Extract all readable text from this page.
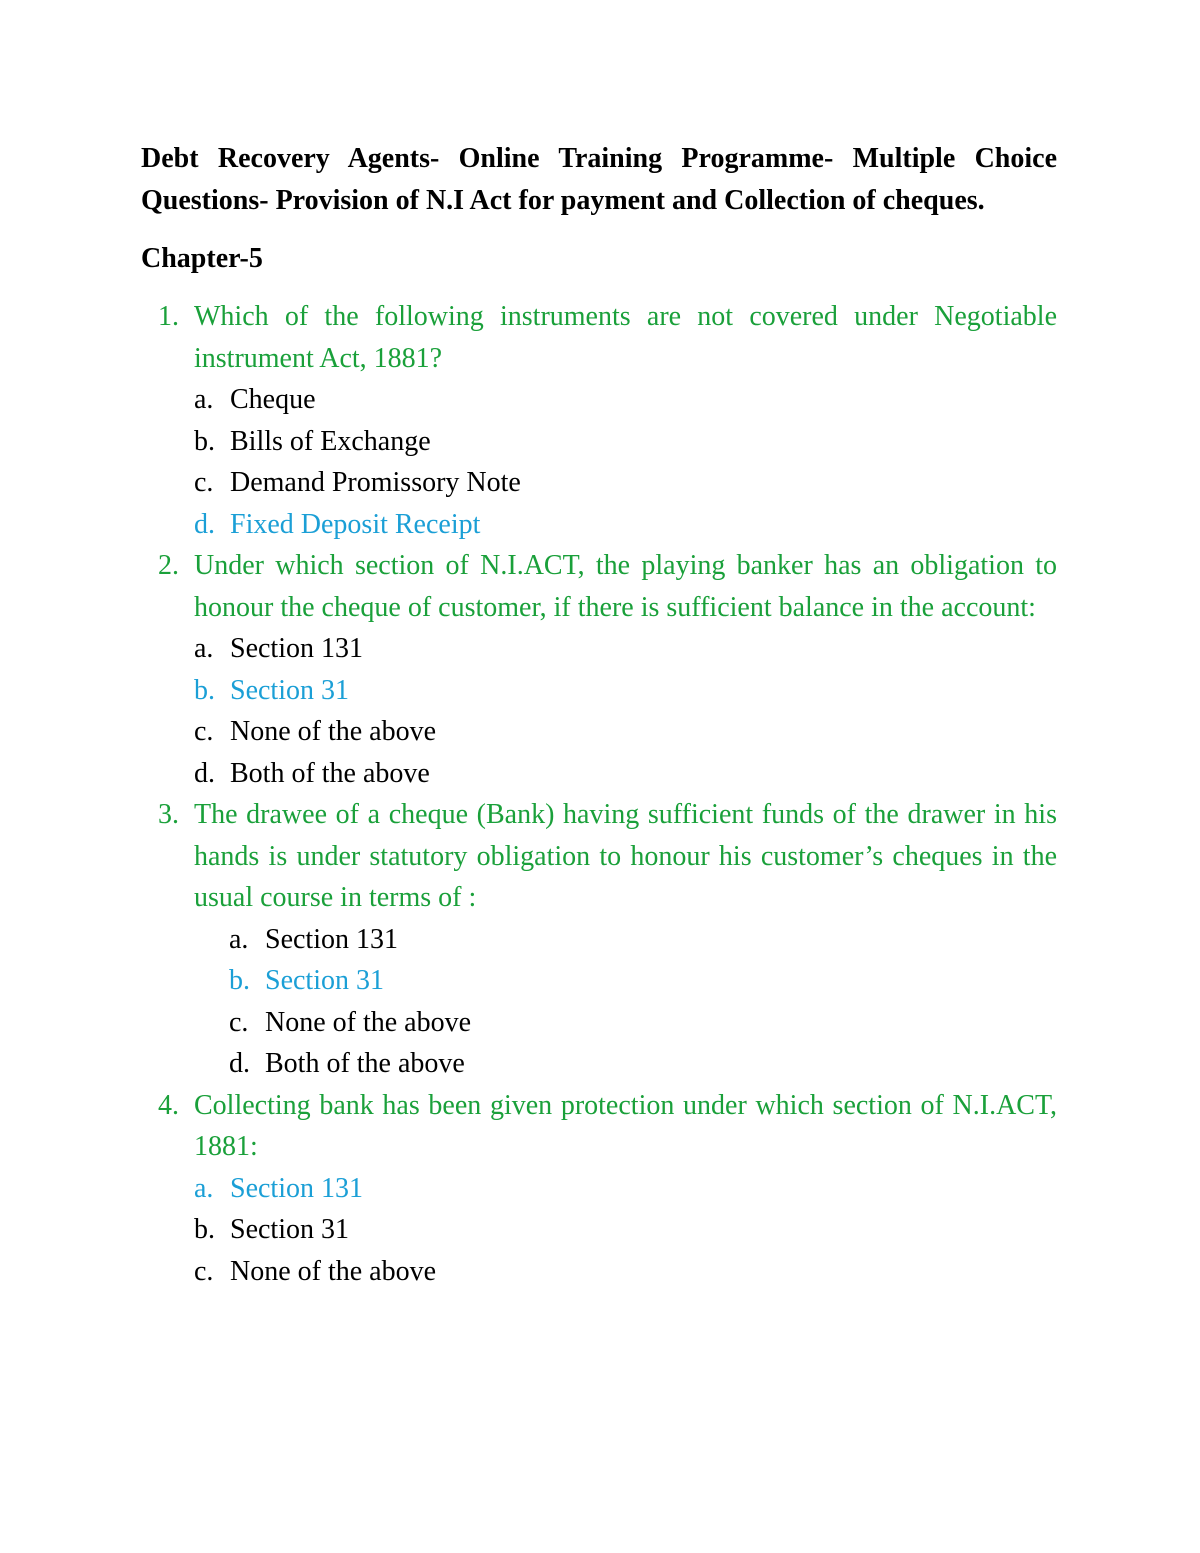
Debt Recovery Agents- Online Training Programme- Multiple Choice Questions- Provision of N.I Act for payment and Collection of cheques.

Chapter-5

1. Which of the following instruments are not covered under Negotiable instrument Act, 1881?
a. Cheque
b. Bills of Exchange
c. Demand Promissory Note
d. Fixed Deposit Receipt
2. Under which section of N.I.ACT, the playing banker has an obligation to honour the cheque of customer, if there is sufficient balance in the account:
a. Section 131
b. Section 31
c. None of the above
d. Both of the above
3. The drawee of a cheque (Bank) having sufficient funds of the drawer in his hands is under statutory obligation to honour his customer’s cheques in the usual course in terms of :
a. Section 131
b. Section 31
c. None of the above
d. Both of the above
4. Collecting bank has been given protection under which section of N.I.ACT, 1881:
a. Section 131
b. Section 31
c. None of the above
